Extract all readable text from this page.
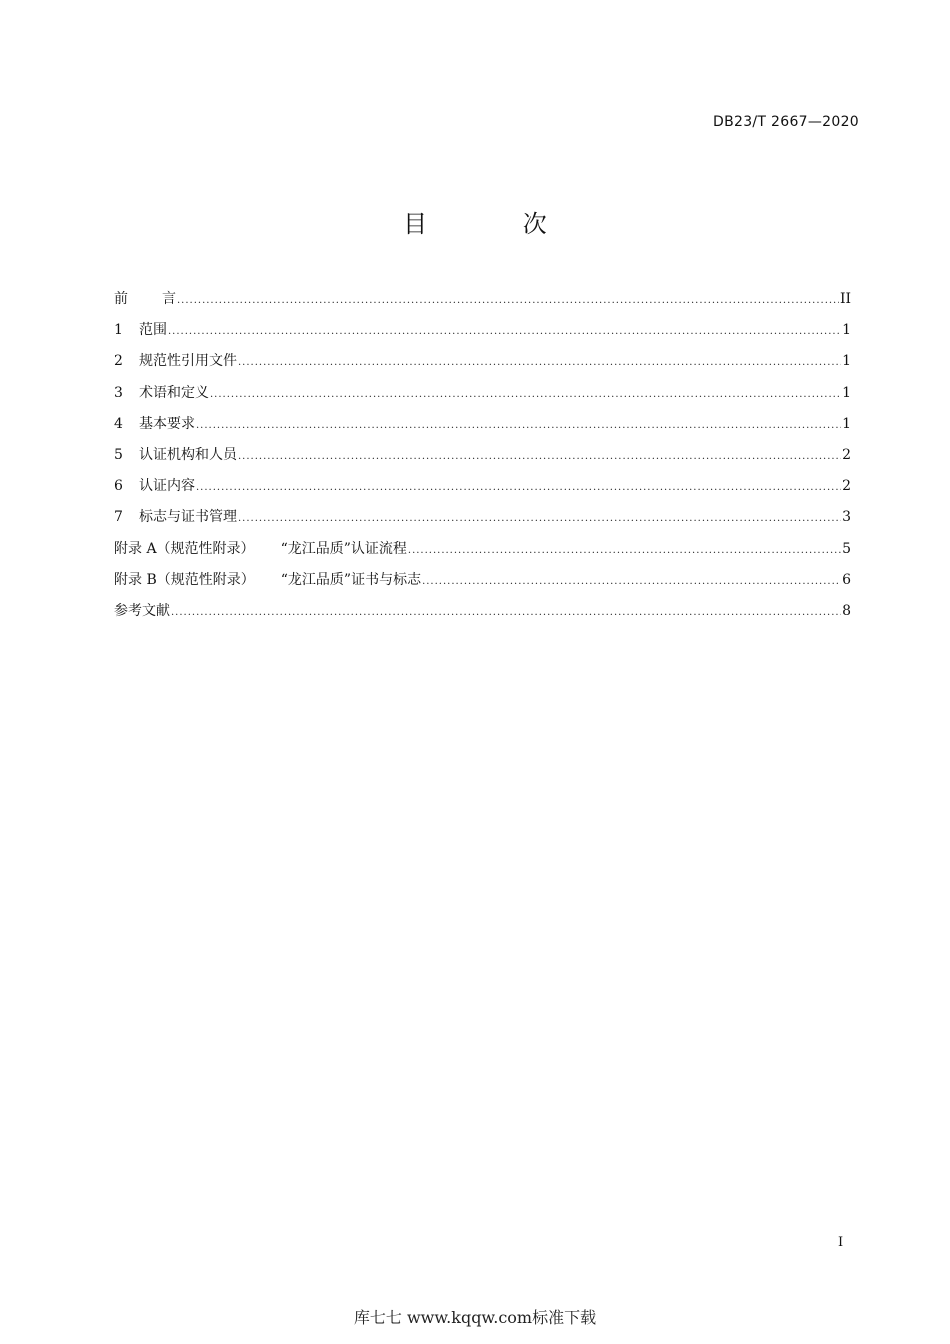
DB23/T 2667—2020
目 次
前 言 .....	II
1 范围 .....	1
2 规范性引用文件 .....	1
3 术语和定义 .....	1
4 基本要求 .....	1
5 认证机构和人员 .....	2
6 认证内容 .....	2
7 标志与证书管理 .....	3
附录 A（规范性附录） “龙江品质”认证流程 .....	5
附录 B（规范性附录） “龙江品质”证书与标志 .....	6
参考文献 .....	8
I
库七七 www.kqqw.com标准下载
